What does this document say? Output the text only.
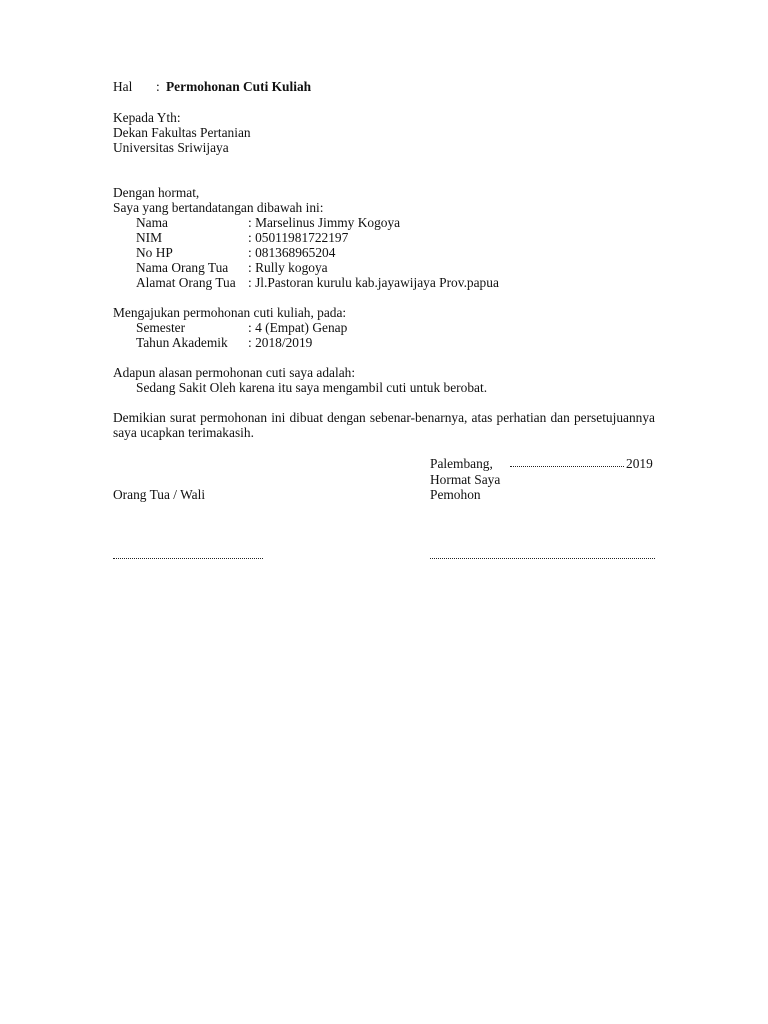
Hal : Permohonan Cuti Kuliah
Kepada Yth:
Dekan Fakultas Pertanian
Universitas Sriwijaya
Dengan hormat,
Saya yang bertandatangan dibawah ini:
Nama	: Marselinus Jimmy Kogoya
NIM	: 05011981722197
No HP	: 081368965204
Nama Orang Tua : Rully kogoya
Alamat Orang Tua : Jl.Pastoran kurulu kab.jayawijaya Prov.papua
Mengajukan permohonan cuti kuliah, pada:
Semester	: 4 (Empat) Genap
Tahun Akademik : 2018/2019
Adapun alasan permohonan cuti saya adalah:
Sedang Sakit Oleh karena itu saya mengambil cuti untuk berobat.
Demikian surat permohonan ini dibuat dengan sebenar-benarnya, atas perhatian dan persetujuannya saya ucapkan terimakasih.
Palembang,	2019
Hormat Saya
Orang Tua / Wali	Pemohon
